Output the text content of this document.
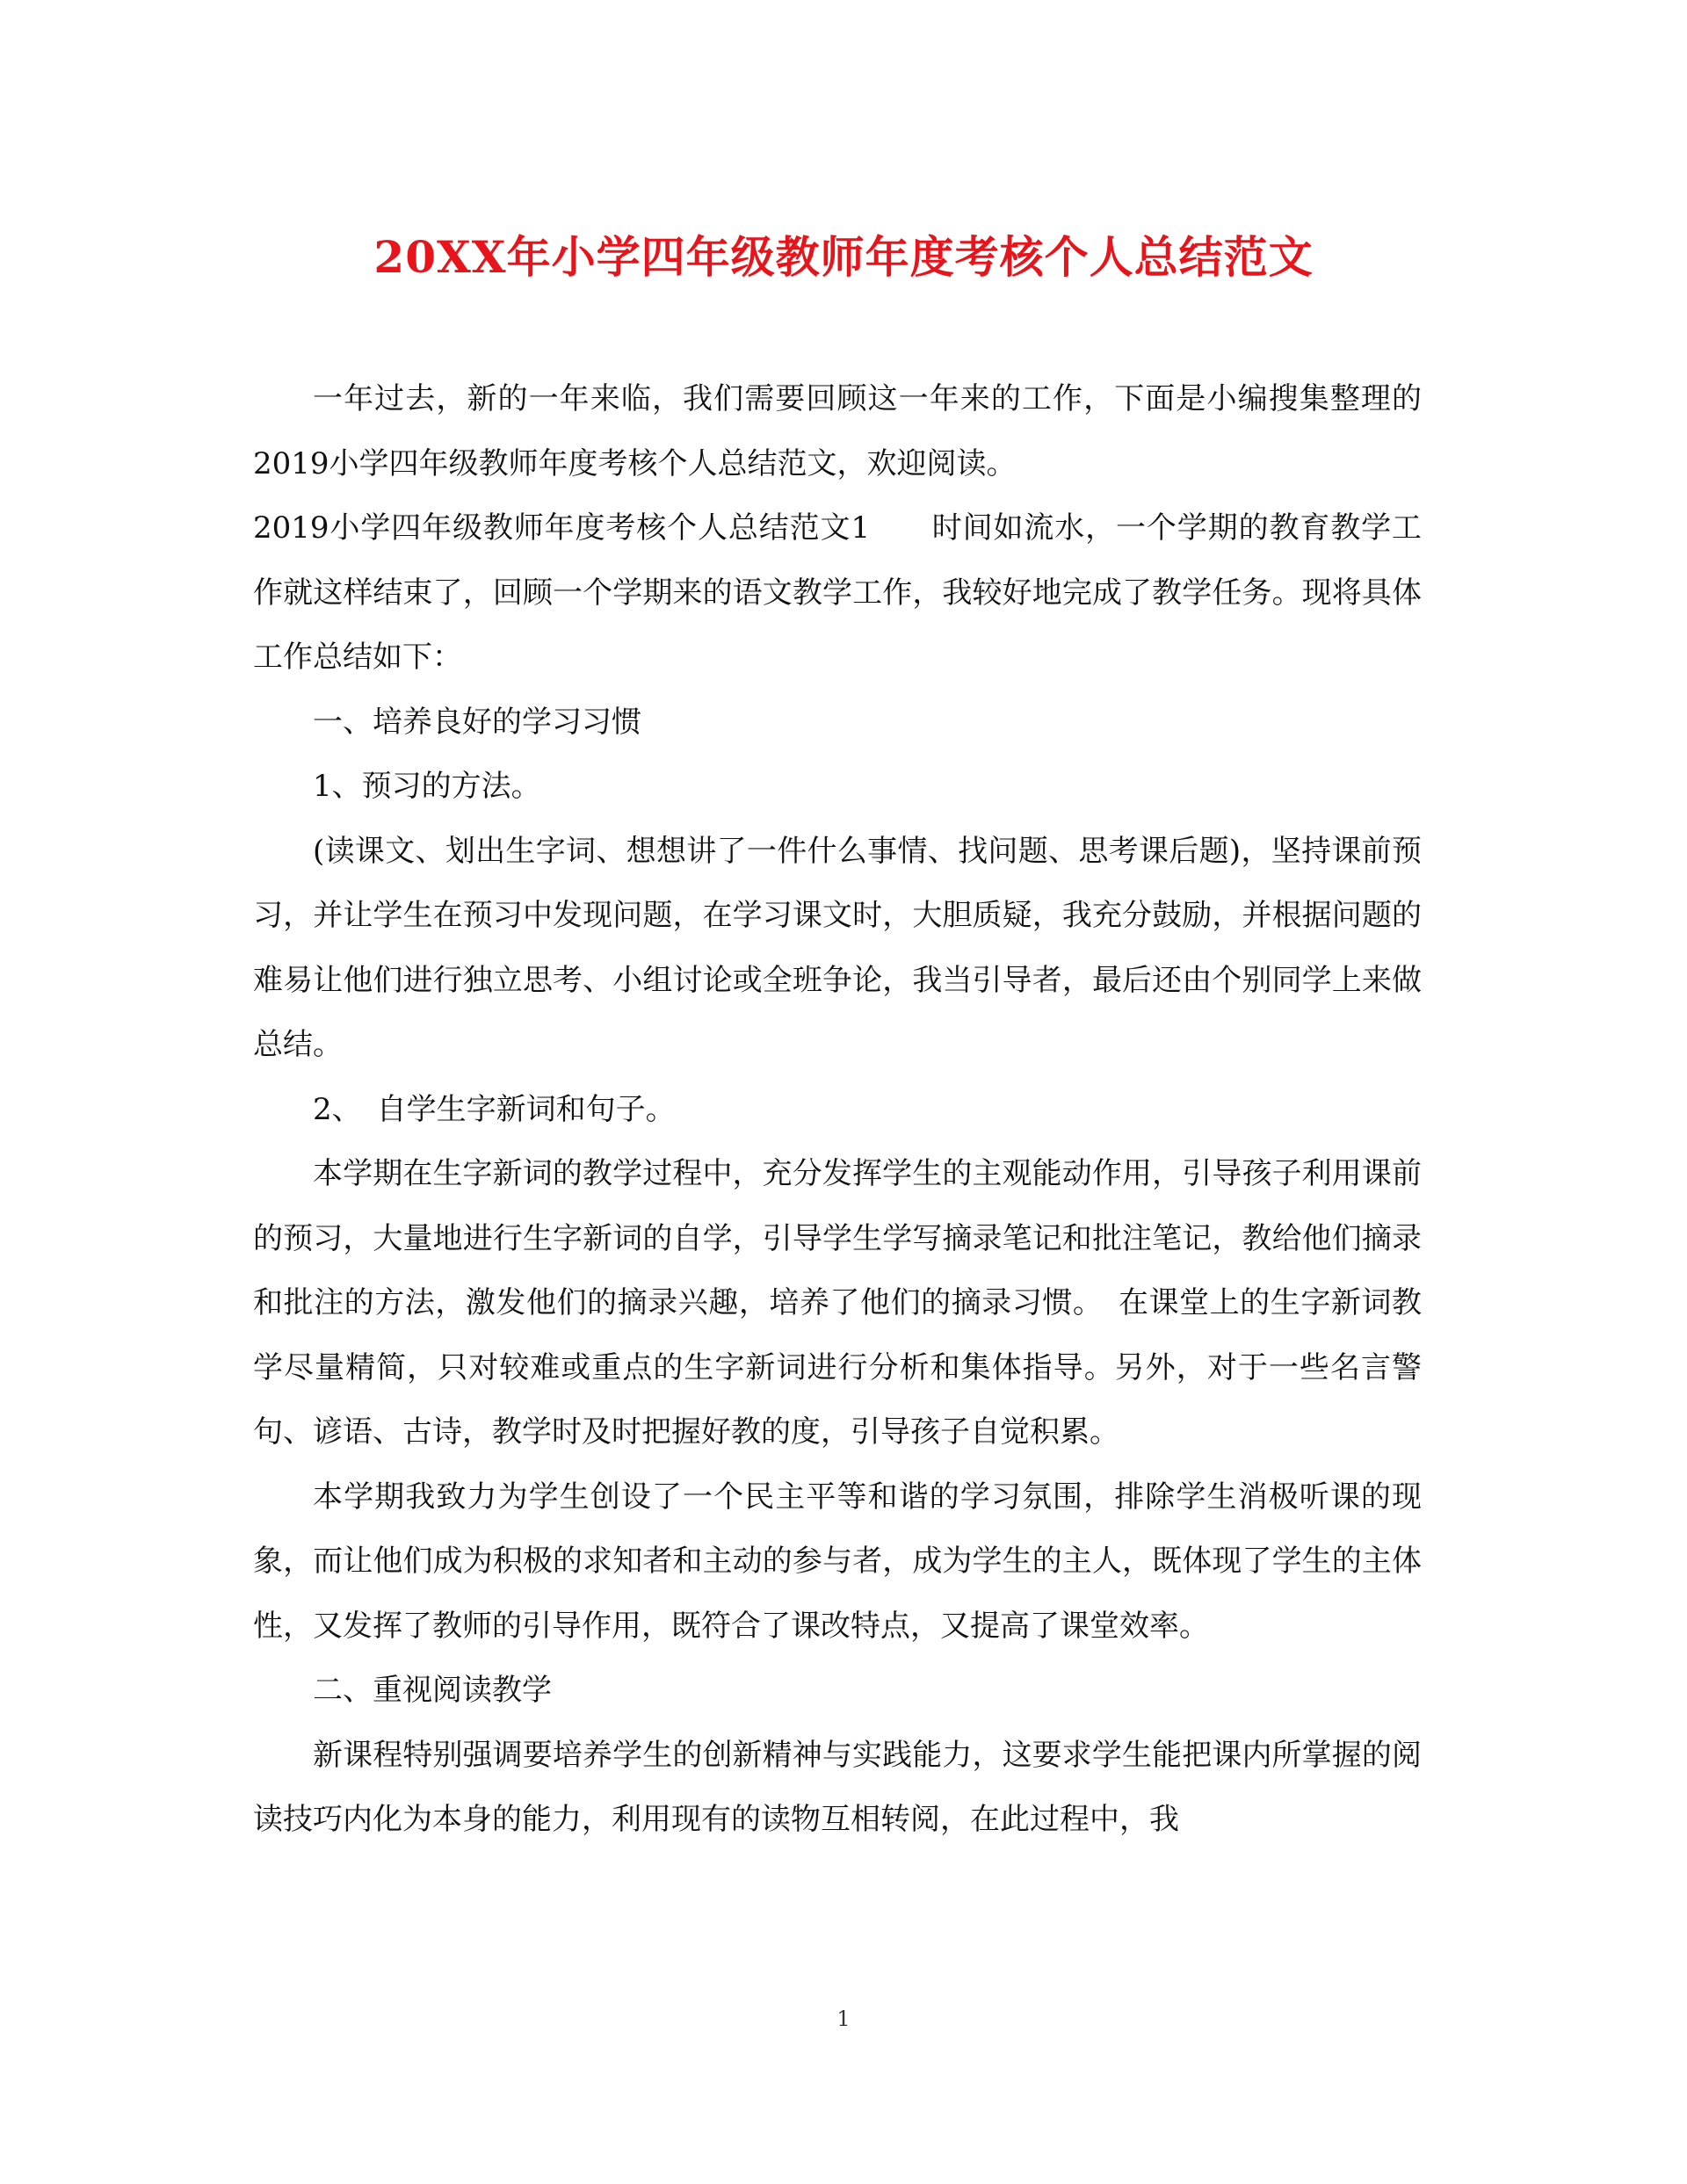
20XX年小学四年级教师年度考核个人总结范文

一年过去，新的一年来临，我们需要回顾这一年来的工作，下面是小编搜集整理的2019小学四年级教师年度考核个人总结范文，欢迎阅读。

2019小学四年级教师年度考核个人总结范文1　　时间如流水，一个学期的教育教学工作就这样结束了，回顾一个学期来的语文教学工作，我较好地完成了教学任务。现将具体工作总结如下：

一、培养良好的学习习惯

1、预习的方法。

(读课文、划出生字词、想想讲了一件什么事情、找问题、思考课后题)，坚持课前预习，并让学生在预习中发现问题，在学习课文时，大胆质疑，我充分鼓励，并根据问题的难易让他们进行独立思考、小组讨论或全班争论，我当引导者，最后还由个别同学上来做总结。

2、　自学生字新词和句子。

本学期在生字新词的教学过程中，充分发挥学生的主观能动作用，引导孩子利用课前的预习，大量地进行生字新词的自学，引导学生学写摘录笔记和批注笔记，教给他们摘录和批注的方法，激发他们的摘录兴趣，培养了他们的摘录习惯。　在课堂上的生字新词教学尽量精简，只对较难或重点的生字新词进行分析和集体指导。另外，对于一些名言警句、谚语、古诗，教学时及时把握好教的度，引导孩子自觉积累。

本学期我致力为学生创设了一个民主平等和谐的学习氛围，排除学生消极听课的现象，而让他们成为积极的求知者和主动的参与者，成为学生的主人，既体现了学生的主体性，又发挥了教师的引导作用，既符合了课改特点，又提高了课堂效率。

二、重视阅读教学

新课程特别强调要培养学生的创新精神与实践能力，这要求学生能把课内所掌握的阅读技巧内化为本身的能力，利用现有的读物互相转阅，在此过程中，我

1
